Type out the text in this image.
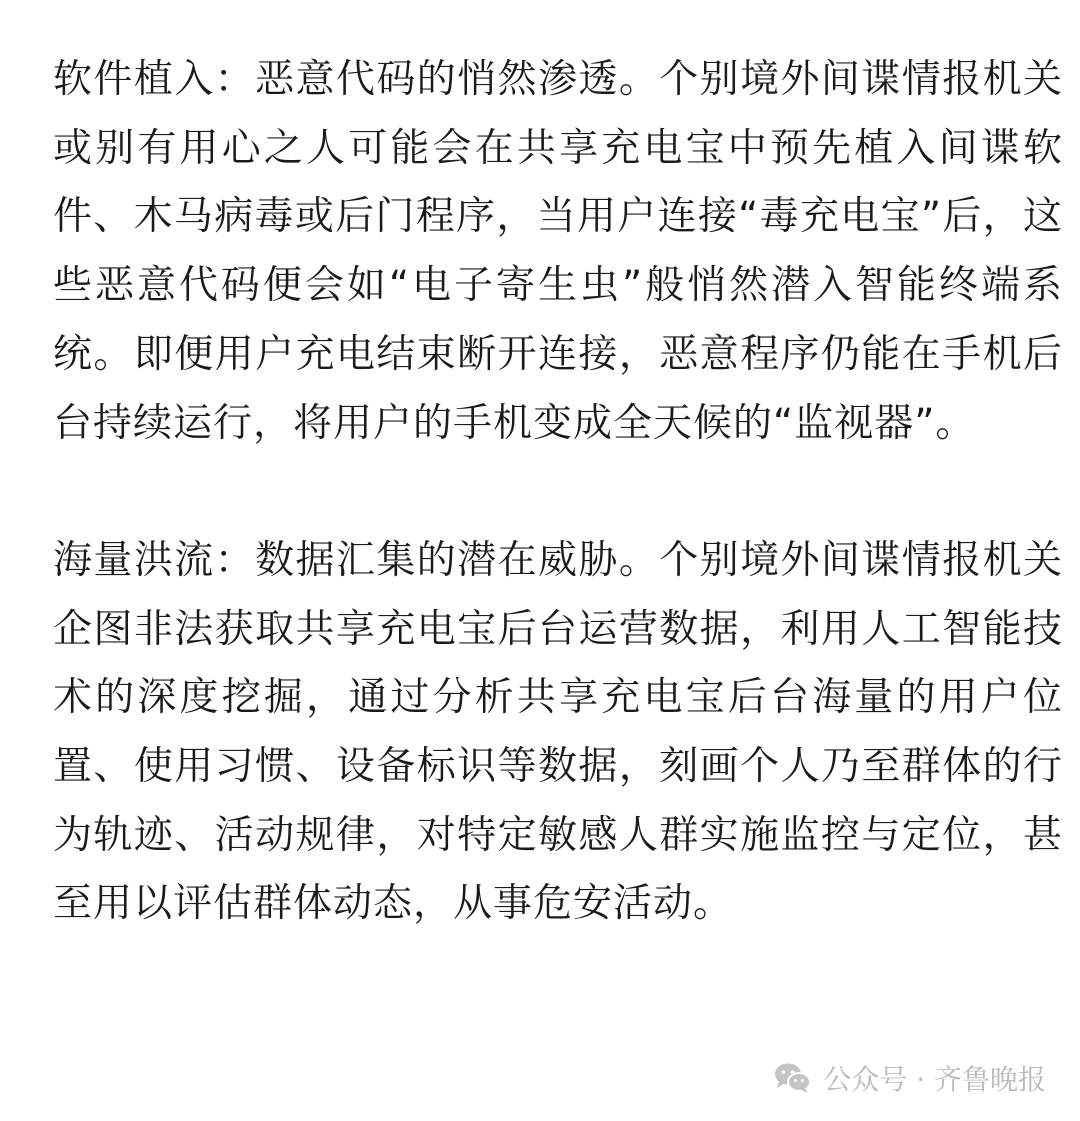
软件植入：恶意代码的悄然渗透。个别境外间谍情报机关或别有用心之人可能会在共享充电宝中预先植入间谍软件、木马病毒或后门程序，当用户连接“毒充电宝”后，这些恶意代码便会如“电子寄生虫”般悄然潜入智能终端系统。即便用户充电结束断开连接，恶意程序仍能在手机后台持续运行，将用户的手机变成全天候的“监视器”。

海量洪流：数据汇集的潜在威胁。个别境外间谍情报机关企图非法获取共享充电宝后台运营数据，利用人工智能技术的深度挖掘，通过分析共享充电宝后台海量的用户位置、使用习惯、设备标识等数据，刻画个人乃至群体的行为轨迹、活动规律，对特定敏感人群实施监控与定位，甚至用以评估群体动态，从事危安活动。

公众号 · 齐鲁晚报
